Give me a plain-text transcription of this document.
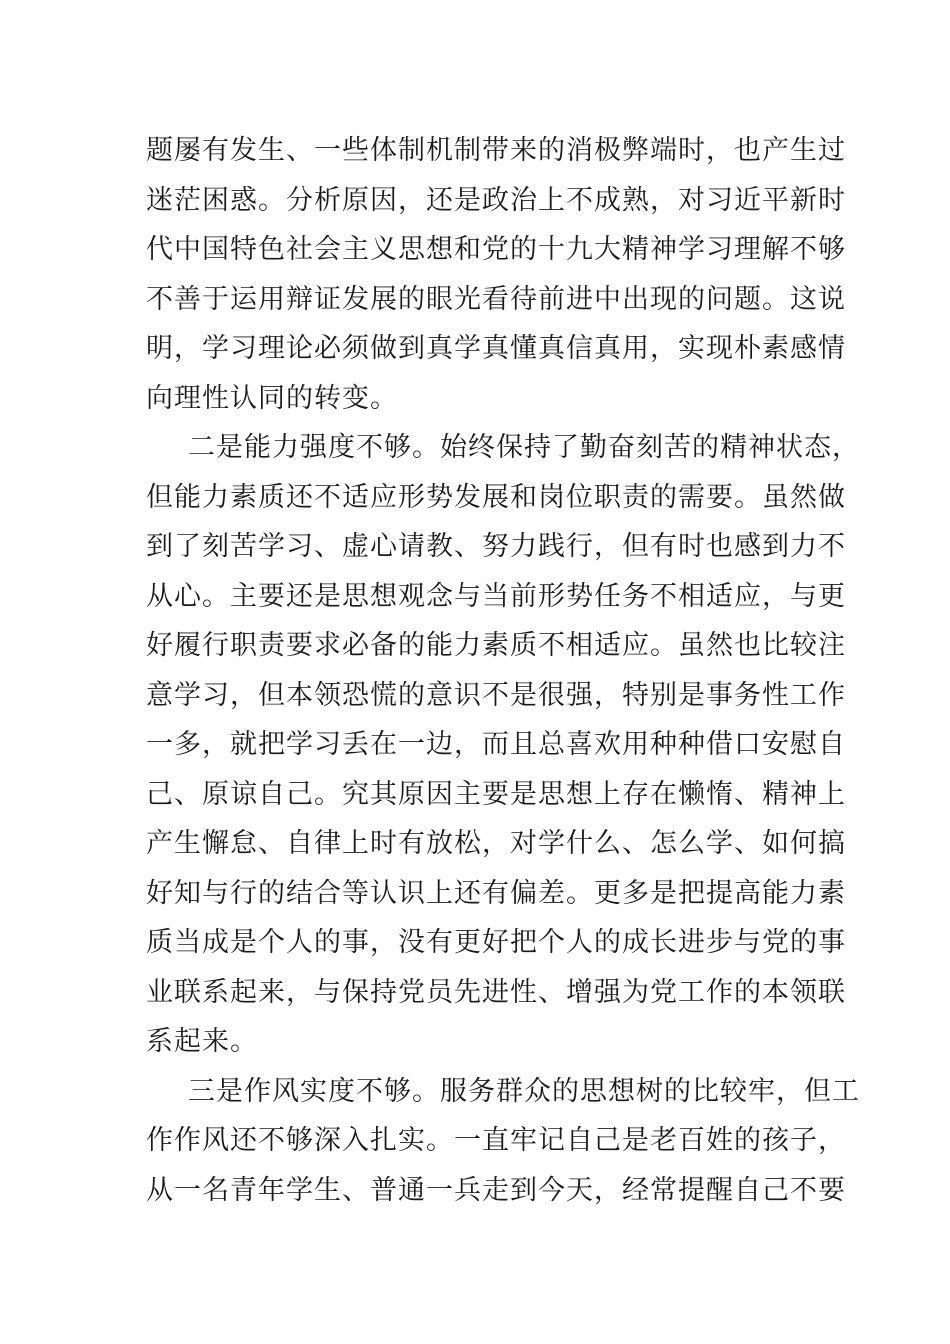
题屡有发生、一些体制机制带来的消极弊端时，也产生过
迷茫困惑。分析原因，还是政治上不成熟，对习近平新时
代中国特色社会主义思想和党的十九大精神学习理解不够
不善于运用辩证发展的眼光看待前进中出现的问题。这说
明，学习理论必须做到真学真懂真信真用，实现朴素感情
向理性认同的转变。
二是能力强度不够。始终保持了勤奋刻苦的精神状态，
但能力素质还不适应形势发展和岗位职责的需要。虽然做
到了刻苦学习、虚心请教、努力践行，但有时也感到力不
从心。主要还是思想观念与当前形势任务不相适应，与更
好履行职责要求必备的能力素质不相适应。虽然也比较注
意学习，但本领恐慌的意识不是很强，特别是事务性工作
一多，就把学习丢在一边，而且总喜欢用种种借口安慰自
己、原谅自己。究其原因主要是思想上存在懒惰、精神上
产生懈怠、自律上时有放松，对学什么、怎么学、如何搞
好知与行的结合等认识上还有偏差。更多是把提高能力素
质当成是个人的事，没有更好把个人的成长进步与党的事
业联系起来，与保持党员先进性、增强为党工作的本领联
系起来。
三是作风实度不够。服务群众的思想树的比较牢，但工
作作风还不够深入扎实。一直牢记自己是老百姓的孩子，
从一名青年学生、普通一兵走到今天，经常提醒自己不要
